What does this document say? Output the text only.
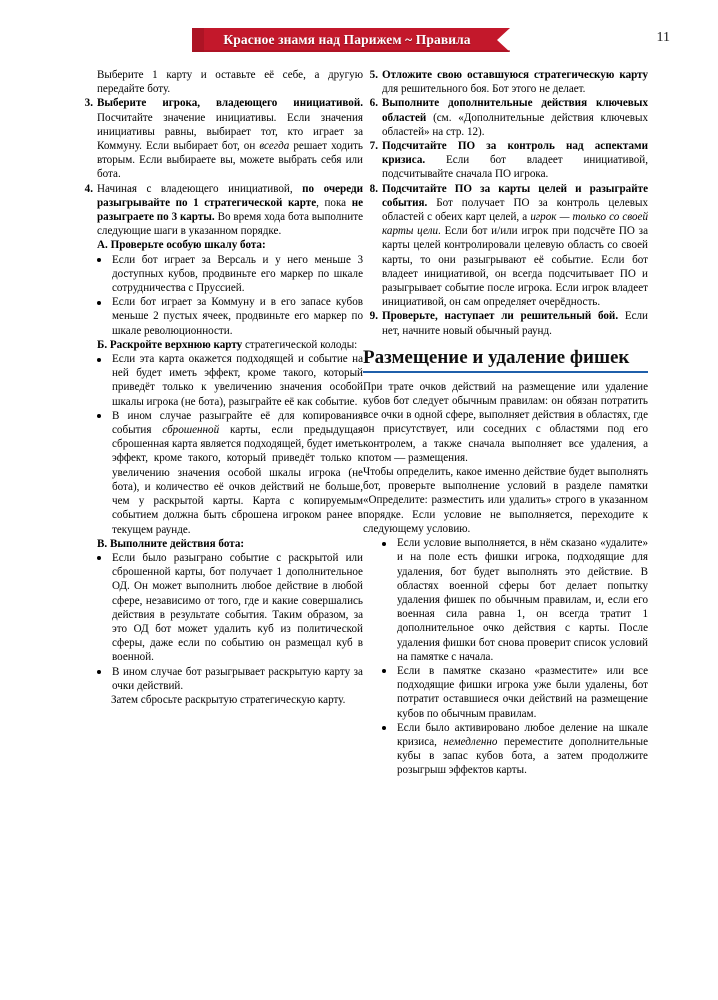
Красное знамя над Парижем ~ Правила	11

Выберите 1 карту и оставьте её себе, а другую передайте боту.

3. Выберите игрока, владеющего инициативой. Посчитайте значение инициативы. Если значения инициативы равны, выбирает тот, кто играет за Коммуну. Если выбирает бот, он всегда решает ходить вторым. Если выбираете вы, можете выбрать себя или бота.

4. Начиная с владеющего инициативой, по очереди разыгрывайте по 1 стратегической карте, пока не разыграете по 3 карты. Во время хода бота выполните следующие шаги в указанном порядке.

А. Проверьте особую шкалу бота:

Если бот играет за Версаль и у него меньше 3 доступных кубов, продвиньте его маркер по шкале сотрудничества с Пруссией.
Если бот играет за Коммуну и в его запасе кубов меньше 2 пустых ячеек, продвиньте его маркер по шкале революционности.

Б. Раскройте верхнюю карту стратегической колоды:

Если эта карта окажется подходящей и событие на ней будет иметь эффект, кроме такого, который приведёт только к увеличению значения особой шкалы игрока (не бота), разыграйте её как событие.
В ином случае разыграйте её для копирования события сброшенной карты, если предыдущая сброшенная карта является подходящей, будет иметь эффект, кроме такого, который приведёт только к увеличению значения особой шкалы игрока (не бота), и количество её очков действий не больше, чем у раскрытой карты. Карта с копируемым событием должна быть сброшена игроком ранее в текущем раунде.

В. Выполните действия бота:

Если было разыграно событие с раскрытой или сброшенной карты, бот получает 1 дополнительное ОД. Он может выполнить любое действие в любой сфере, независимо от того, где и какие совершались действия в результате события. Таким образом, за это ОД бот может удалить куб из политической сферы, даже если по событию он размещал куб в военной.
В ином случае бот разыгрывает раскрытую карту за очки действий.

Затем сбросьте раскрытую стратегическую карту.

5. Отложите свою оставшуюся стратегическую карту для решительного боя. Бот этого не делает.

6. Выполните дополнительные действия ключевых областей (см. «Дополнительные действия ключевых областей» на стр. 12).

7. Подсчитайте ПО за контроль над аспектами кризиса. Если бот владеет инициативой, подсчитывайте сначала ПО игрока.

8. Подсчитайте ПО за карты целей и разыграйте события. Бот получает ПО за контроль целевых областей с обеих карт целей, а игрок — только со своей карты цели. Если бот и/или игрок при подсчёте ПО за карты целей контролировали целевую область со своей карты, то они разыгрывают её событие. Если бот владеет инициативой, он всегда подсчитывает ПО и разыгрывает событие после игрока. Если игрок владеет инициативой, он сам определяет очерёдность.

9. Проверьте, наступает ли решительный бой. Если нет, начните новый обычный раунд.

Размещение и удаление фишек

При трате очков действий на размещение или удаление кубов бот следует обычным правилам: он обязан потратить все очки в одной сфере, выполняет действия в областях, где он присутствует, или соседних с областями под его контролем, а также сначала выполняет все удаления, а потом — размещения.

Чтобы определить, какое именно действие будет выполнять бот, проверьте выполнение условий в разделе памятки «Определите: разместить или удалить» строго в указанном порядке. Если условие не выполняется, переходите к следующему условию.

Если условие выполняется, в нём сказано «удалите» и на поле есть фишки игрока, подходящие для удаления, бот будет выполнять это действие. В областях военной сферы бот делает попытку удаления фишек по обычным правилам, и, если его военная сила равна 1, он всегда тратит 1 дополнительное очко действия с карты. После удаления фишки бот снова проверит список условий на памятке с начала.
Если в памятке сказано «разместите» или все подходящие фишки игрока уже были удалены, бот потратит оставшиеся очки действий на размещение кубов по обычным правилам.
Если было активировано любое деление на шкале кризиса, немедленно переместите дополнительные кубы в запас кубов бота, а затем продолжите розыгрыш эффектов карты.
